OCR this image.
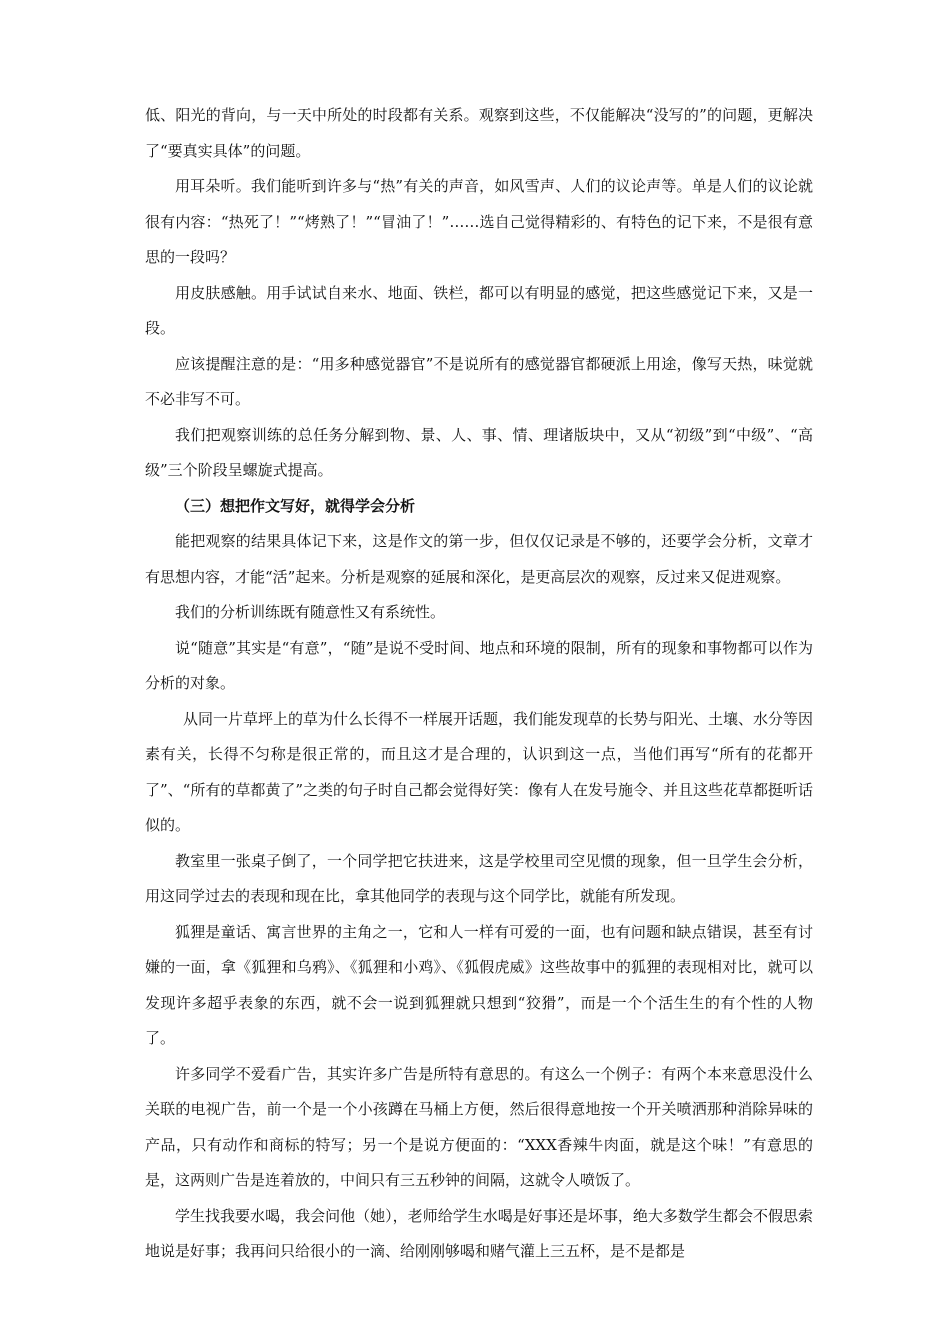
低、阳光的背向，与一天中所处的时段都有关系。观察到这些，不仅能解决“没写的”的问题，更解决了“要真实具体”的问题。

用耳朵听。我们能听到许多与“热”有关的声音，如风雪声、人们的议论声等。单是人们的议论就很有内容：“热死了！”“烤熟了！”“冒油了！”……选自己觉得精彩的、有特色的记下来，不是很有意思的一段吗？

用皮肤感触。用手试试自来水、地面、铁栏，都可以有明显的感觉，把这些感觉记下来，又是一段。

应该提醒注意的是：“用多种感觉器官”不是说所有的感觉器官都硬派上用途，像写天热，味觉就不必非写不可。

我们把观察训练的总任务分解到物、景、人、事、情、理诸版块中，又从“初级”到“中级”、“高级”三个阶段呈螺旋式提高。

（三）想把作文写好，就得学会分析

能把观察的结果具体记下来，这是作文的第一步，但仅仅记录是不够的，还要学会分析，文章才有思想内容，才能“活”起来。分析是观察的延展和深化，是更高层次的观察，反过来又促进观察。

我们的分析训练既有随意性又有系统性。

说“随意”其实是“有意”，“随”是说不受时间、地点和环境的限制，所有的现象和事物都可以作为分析的对象。

从同一片草坪上的草为什么长得不一样展开话题，我们能发现草的长势与阳光、土壤、水分等因素有关，长得不匀称是很正常的，而且这才是合理的，认识到这一点，当他们再写“所有的花都开了”、“所有的草都黄了”之类的句子时自己都会觉得好笑：像有人在发号施令、并且这些花草都挺听话似的。

教室里一张桌子倒了，一个同学把它扶进来，这是学校里司空见惯的现象，但一旦学生会分析，用这同学过去的表现和现在比，拿其他同学的表现与这个同学比，就能有所发现。

狐狸是童话、寓言世界的主角之一，它和人一样有可爱的一面，也有问题和缺点错误，甚至有讨嫌的一面，拿《狐狸和乌鸦》、《狐狸和小鸡》、《狐假虎威》这些故事中的狐狸的表现相对比，就可以发现许多超乎表象的东西，就不会一说到狐狸就只想到“狡猾”，而是一个个活生生的有个性的人物了。

许多同学不爱看广告，其实许多广告是所特有意思的。有这么一个例子：有两个本来意思没什么关联的电视广告，前一个是一个小孩蹲在马桶上方便，然后很得意地按一个开关喷洒那种消除异味的产品，只有动作和商标的特写；另一个是说方便面的：“XXX香辣牛肉面，就是这个味！”有意思的是，这两则广告是连着放的，中间只有三五秒钟的间隔，这就令人喷饭了。

学生找我要水喝，我会问他（她），老师给学生水喝是好事还是坏事，绝大多数学生都会不假思索地说是好事；我再问只给很小的一滴、给刚刚够喝和赌气灌上三五杯，是不是都是
